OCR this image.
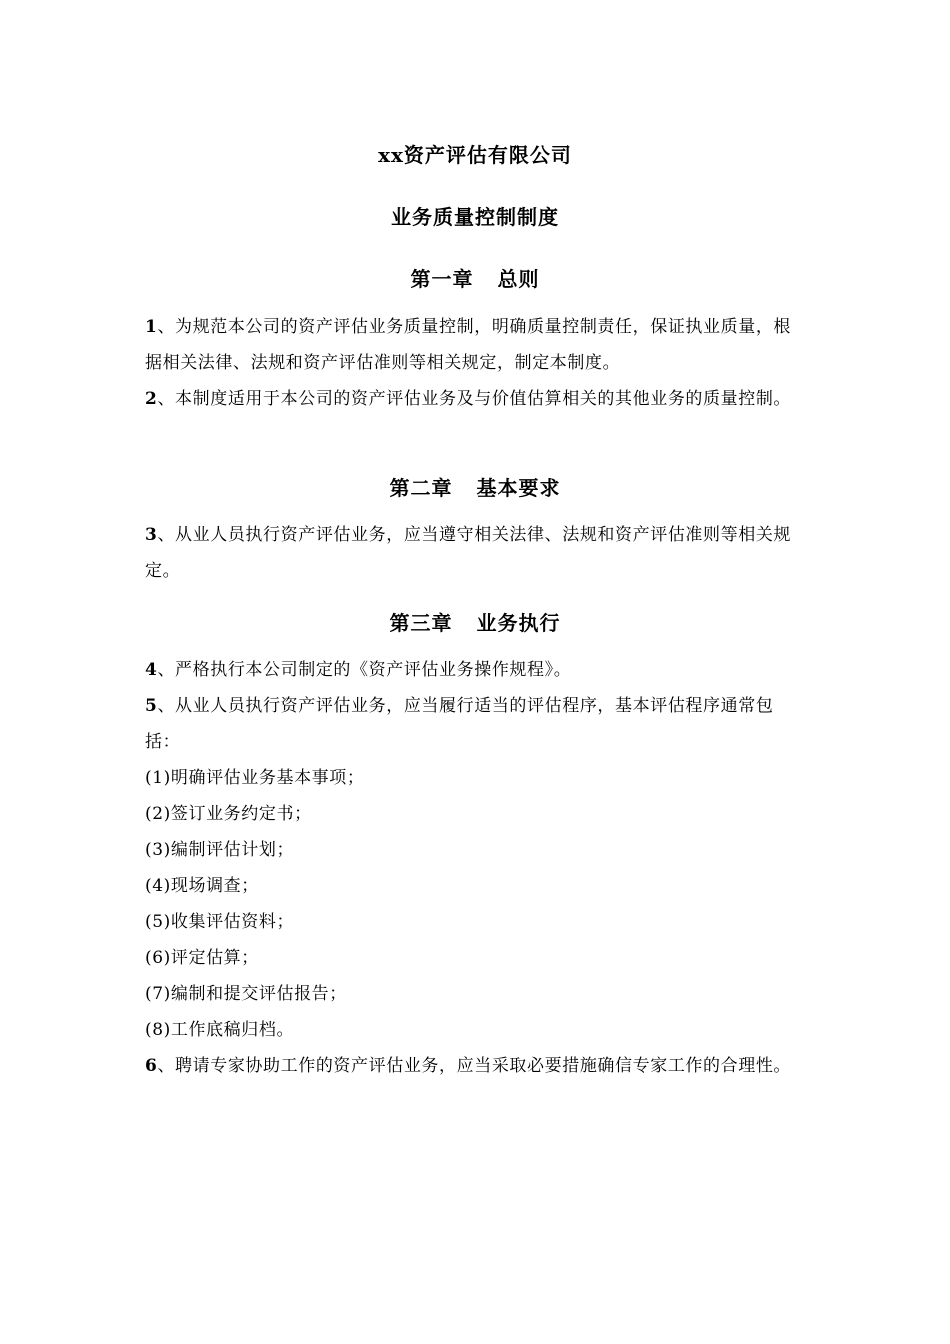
xx资产评估有限公司
业务质量控制制度
第一章 总则

1、为规范本公司的资产评估业务质量控制，明确质量控制责任，保证执业质量，根据相关法律、法规和资产评估准则等相关规定，制定本制度。

2、本制度适用于本公司的资产评估业务及与价值估算相关的其他业务的质量控制。

第二章 基本要求

3、从业人员执行资产评估业务，应当遵守相关法律、法规和资产评估准则等相关规定。

第三章 业务执行

4、严格执行本公司制定的《资产评估业务操作规程》。

5、从业人员执行资产评估业务，应当履行适当的评估程序，基本评估程序通常包括：

(1)明确评估业务基本事项；
(2)签订业务约定书；
(3)编制评估计划；
(4)现场调查；
(5)收集评估资料；
(6)评定估算；
(7)编制和提交评估报告；
(8)工作底稿归档。

6、聘请专家协助工作的资产评估业务，应当采取必要措施确信专家工作的合理性。
